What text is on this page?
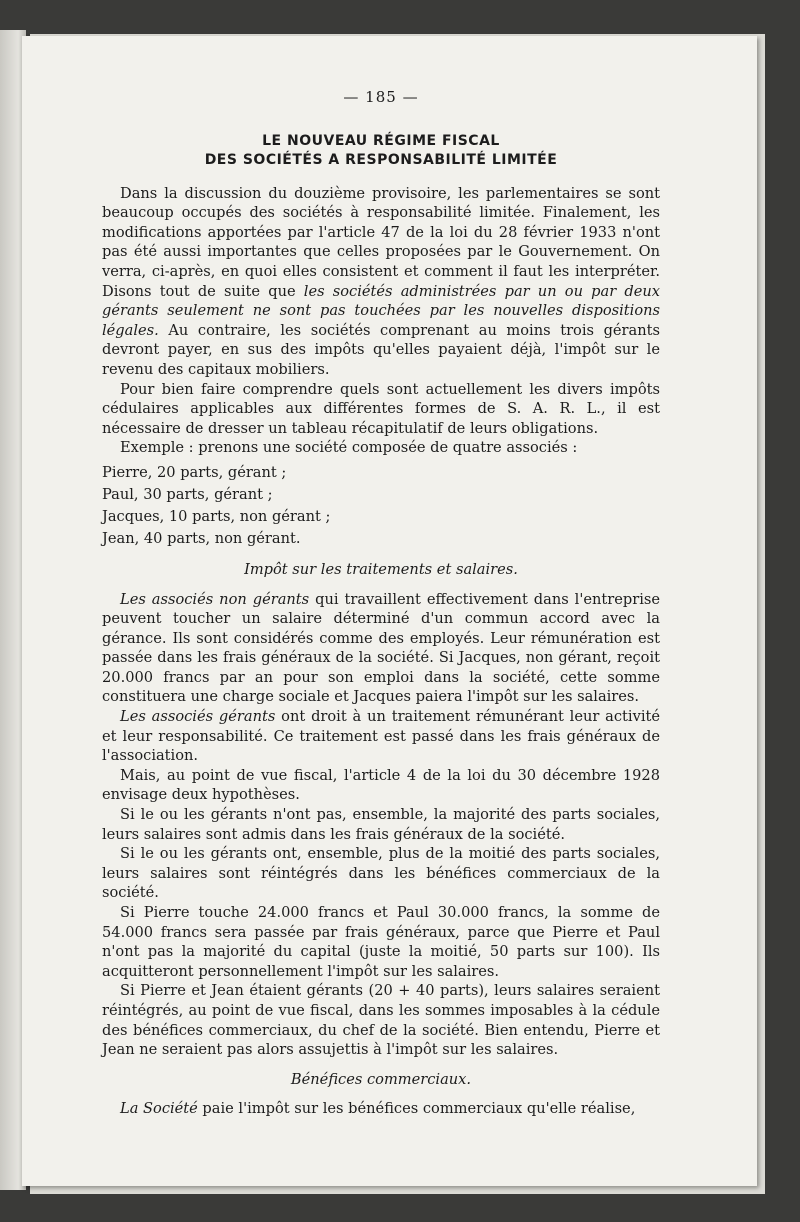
— 185 —
LE NOUVEAU RÉGIME FISCAL
DES SOCIÉTÉS A RESPONSABILITÉ LIMITÉE

Dans la discussion du douzième provisoire, les parlementaires se sont beaucoup occupés des sociétés à responsabilité limitée. Finalement, les modifications apportées par l'article 47 de la loi du 28 février 1933 n'ont pas été aussi importantes que celles proposées par le Gouvernement. On verra, ci-après, en quoi elles consistent et comment il faut les interpréter. Disons tout de suite que les sociétés administrées par un ou par deux gérants seulement ne sont pas touchées par les nouvelles dispositions légales. Au contraire, les sociétés comprenant au moins trois gérants devront payer, en sus des impôts qu'elles payaient déjà, l'impôt sur le revenu des capitaux mobiliers.

Pour bien faire comprendre quels sont actuellement les divers impôts cédulaires applicables aux différentes formes de S. A. R. L., il est nécessaire de dresser un tableau récapitulatif de leurs obligations.

Exemple : prenons une société composée de quatre associés :

Pierre, 20 parts, gérant ;
Paul, 30 parts, gérant ;
Jacques, 10 parts, non gérant ;
Jean, 40 parts, non gérant.
Impôt sur les traitements et salaires.

Les associés non gérants qui travaillent effectivement dans l'entreprise peuvent toucher un salaire déterminé d'un commun accord avec la gérance. Ils sont considérés comme des employés. Leur rémunération est passée dans les frais généraux de la société. Si Jacques, non gérant, reçoit 20.000 francs par an pour son emploi dans la société, cette somme constituera une charge sociale et Jacques paiera l'impôt sur les salaires.

Les associés gérants ont droit à un traitement rémunérant leur activité et leur responsabilité. Ce traitement est passé dans les frais généraux de l'association.

Mais, au point de vue fiscal, l'article 4 de la loi du 30 décembre 1928 envisage deux hypothèses.

Si le ou les gérants n'ont pas, ensemble, la majorité des parts sociales, leurs salaires sont admis dans les frais généraux de la société.

Si le ou les gérants ont, ensemble, plus de la moitié des parts sociales, leurs salaires sont réintégrés dans les bénéfices commerciaux de la société.

Si Pierre touche 24.000 francs et Paul 30.000 francs, la somme de 54.000 francs sera passée par frais généraux, parce que Pierre et Paul n'ont pas la majorité du capital (juste la moitié, 50 parts sur 100). Ils acquitteront personnellement l'impôt sur les salaires.

Si Pierre et Jean étaient gérants (20 + 40 parts), leurs salaires seraient réintégrés, au point de vue fiscal, dans les sommes imposables à la cédule des bénéfices commerciaux, du chef de la société. Bien entendu, Pierre et Jean ne seraient pas alors assujettis à l'impôt sur les salaires.

Bénéfices commerciaux.

La Société paie l'impôt sur les bénéfices commerciaux qu'elle réalise,
